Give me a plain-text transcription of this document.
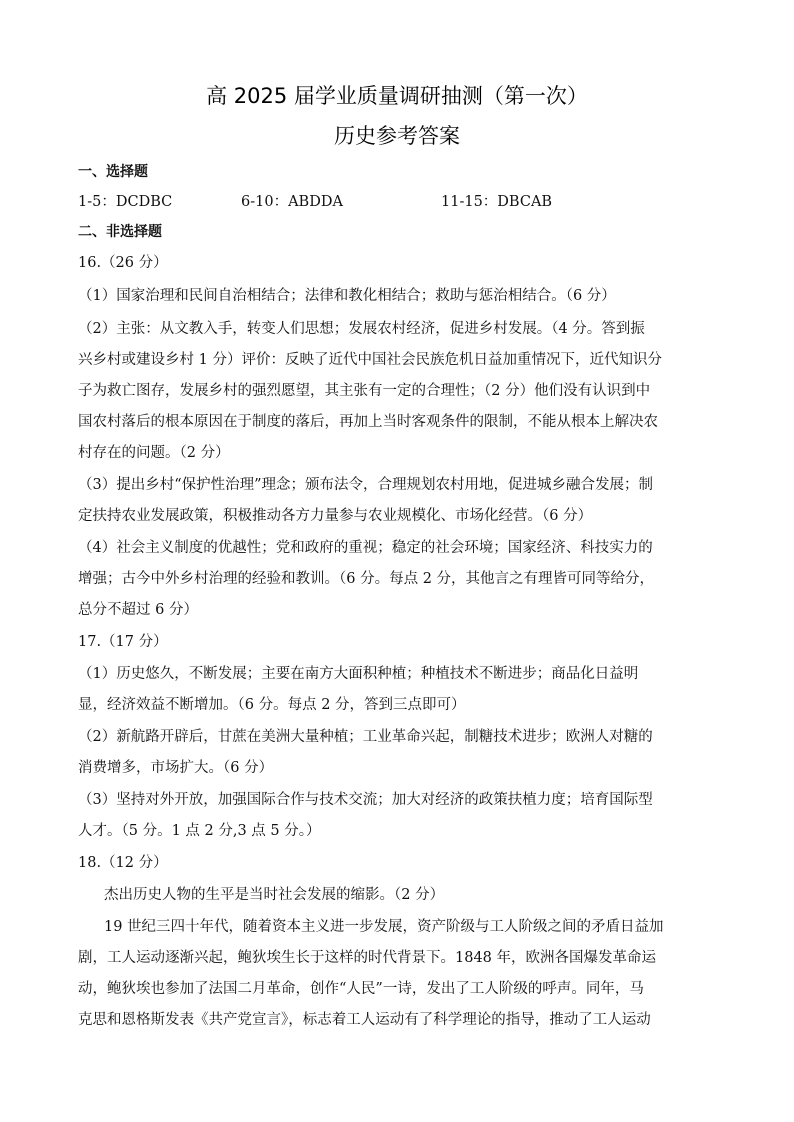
高 2025 届学业质量调研抽测（第一次）
历史参考答案
一、选择题
1-5：DCDBC	6-10：ABDDA	11-15：DBCAB
二、非选择题
16.（26 分）
（1）国家治理和民间自治相结合；法律和教化相结合；救助与惩治相结合。（6 分）
（2）主张：从文教入手，转变人们思想；发展农村经济，促进乡村发展。（4 分。答到振
兴乡村或建设乡村 1 分）评价：反映了近代中国社会民族危机日益加重情况下，近代知识分
子为救亡图存，发展乡村的强烈愿望，其主张有一定的合理性；（2 分）他们没有认识到中
国农村落后的根本原因在于制度的落后，再加上当时客观条件的限制，不能从根本上解决农
村存在的问题。（2 分）
（3）提出乡村“保护性治理”理念；颁布法令，合理规划农村用地，促进城乡融合发展；制
定扶持农业发展政策，积极推动各方力量参与农业规模化、市场化经营。（6 分）
（4）社会主义制度的优越性；党和政府的重视；稳定的社会环境；国家经济、科技实力的
增强；古今中外乡村治理的经验和教训。（6 分。每点 2 分，其他言之有理皆可同等给分，
总分不超过 6 分）
17.（17 分）
（1）历史悠久，不断发展；主要在南方大面积种植；种植技术不断进步；商品化日益明
显，经济效益不断增加。（6 分。每点 2 分，答到三点即可）
（2）新航路开辟后，甘蔗在美洲大量种植；工业革命兴起，制糖技术进步；欧洲人对糖的
消费增多，市场扩大。（6 分）
（3）坚持对外开放，加强国际合作与技术交流；加大对经济的政策扶植力度；培育国际型
人才。（5 分。1 点 2 分,3 点 5 分。）
18.（12 分）
杰出历史人物的生平是当时社会发展的缩影。（2 分）
19 世纪三四十年代，随着资本主义进一步发展，资产阶级与工人阶级之间的矛盾日益加
剧，工人运动逐渐兴起，鲍狄埃生长于这样的时代背景下。1848 年，欧洲各国爆发革命运
动，鲍狄埃也参加了法国二月革命，创作“人民”一诗，发出了工人阶级的呼声。同年，马
克思和恩格斯发表《共产党宣言》，标志着工人运动有了科学理论的指导，推动了工人运动
